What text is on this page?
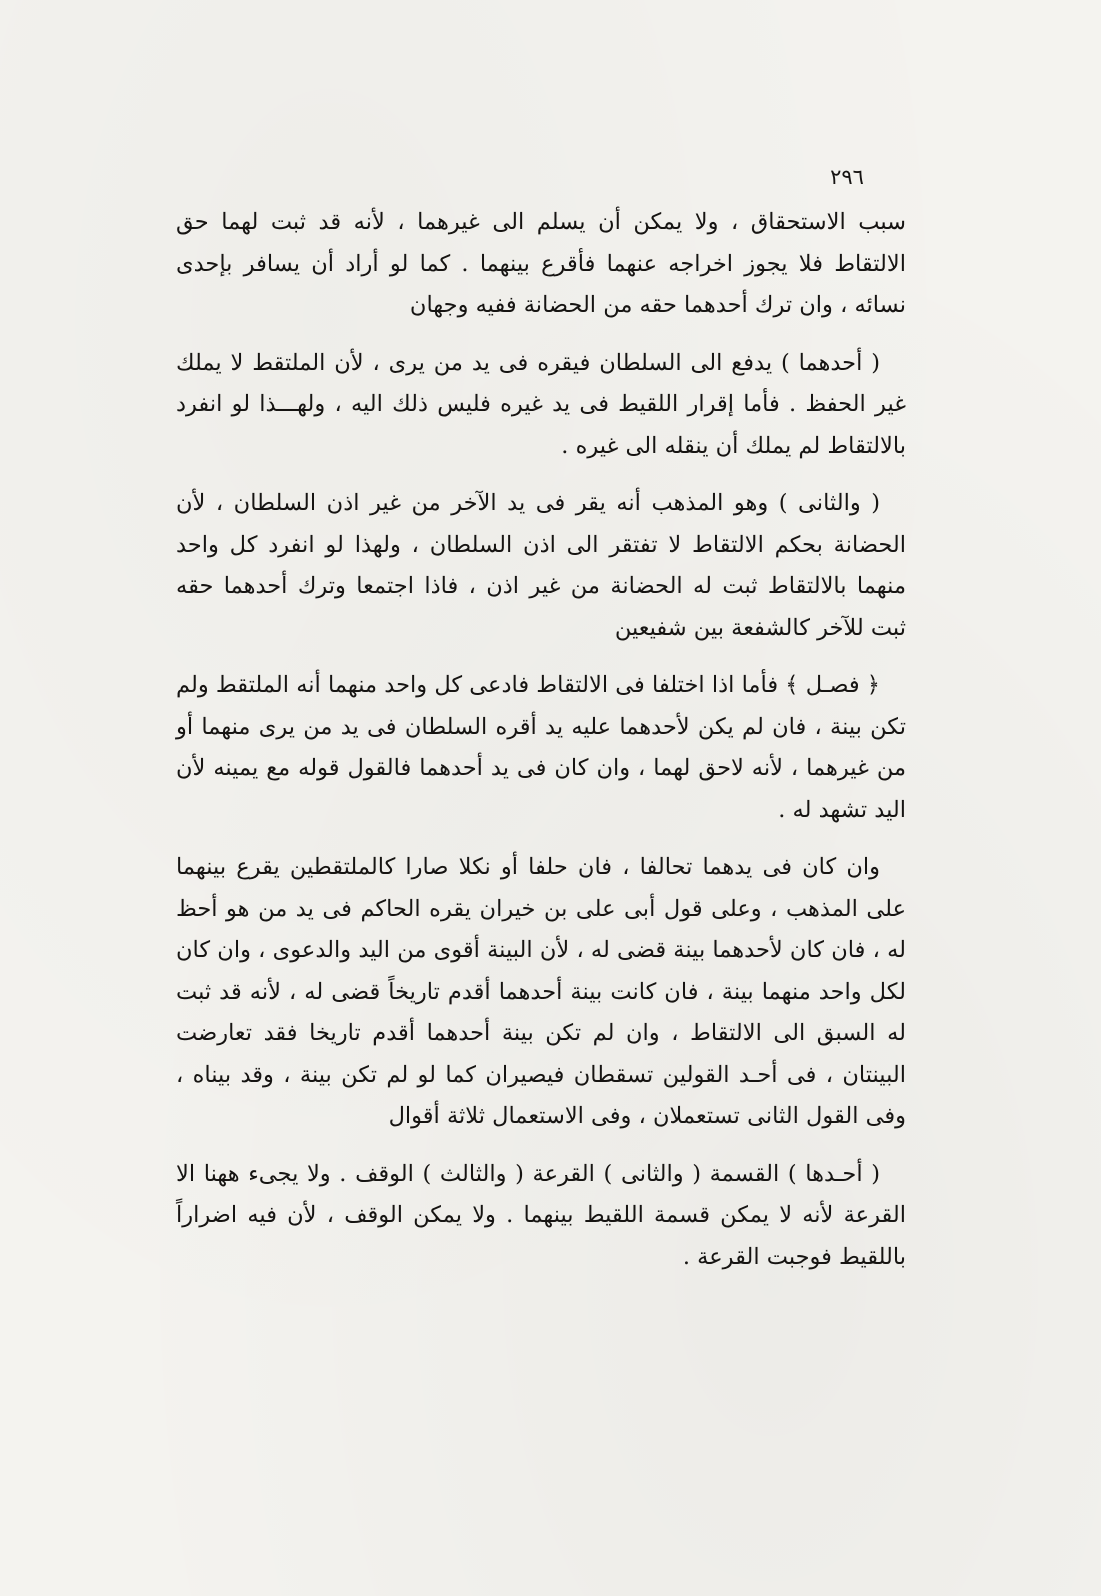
٢٩٦

سبب الاستحقاق ، ولا يمكن أن يسلم الى غيرهما ، لأنه قد ثبت لهما حق الالتقاط فلا يجوز اخراجه عنهما فأقرع بينهما . كما لو أراد أن يسافر بإحدى نسائه ، وان ترك أحدهما حقه من الحضانة ففيه وجهان

( أحدهما ) يدفع الى السلطان فيقره فى يد من يرى ، لأن الملتقط لا يملك غير الحفظ . فأما إقرار اللقيط فى يد غيره فليس ذلك اليه ، ولهـــذا لو انفرد بالالتقاط لم يملك أن ينقله الى غيره .

( والثانى ) وهو المذهب أنه يقر فى يد الآخر من غير اذن السلطان ، لأن الحضانة بحكم الالتقاط لا تفتقر الى اذن السلطان ، ولهذا لو انفرد كل واحد منهما بالالتقاط ثبت له الحضانة من غير اذن ، فاذا اجتمعا وترك أحدهما حقه ثبت للآخر كالشفعة بين شفيعين

﴿ فصـل ﴾ فأما اذا اختلفا فى الالتقاط فادعى كل واحد منهما أنه الملتقط ولم تكن بينة ، فان لم يكن لأحدهما عليه يد أقره السلطان فى يد من يرى منهما أو من غيرهما ، لأنه لاحق لهما ، وان كان فى يد أحدهما فالقول قوله مع يمينه لأن اليد تشهد له .

وان كان فى يدهما تحالفا ، فان حلفا أو نكلا صارا كالملتقطين يقرع بينهما على المذهب ، وعلى قول أبى على بن خيران يقره الحاكم فى يد من هو أحظ له ، فان كان لأحدهما بينة قضى له ، لأن البينة أقوى من اليد والدعوى ، وان كان لكل واحد منهما بينة ، فان كانت بينة أحدهما أقدم تاريخاً قضى له ، لأنه قد ثبت له السبق الى الالتقاط ، وان لم تكن بينة أحدهما أقدم تاريخا فقد تعارضت البينتان ، فى أحـد القولين تسقطان فيصيران كما لو لم تكن بينة ، وقد بيناه ، وفى القول الثانى تستعملان ، وفى الاستعمال ثلاثة أقوال

( أحـدها ) القسمة ( والثانى ) القرعة ( والثالث ) الوقف . ولا يجىء ههنا الا القرعة لأنه لا يمكن قسمة اللقيط بينهما . ولا يمكن الوقف ، لأن فيه اضراراً باللقيط فوجبت القرعة .
